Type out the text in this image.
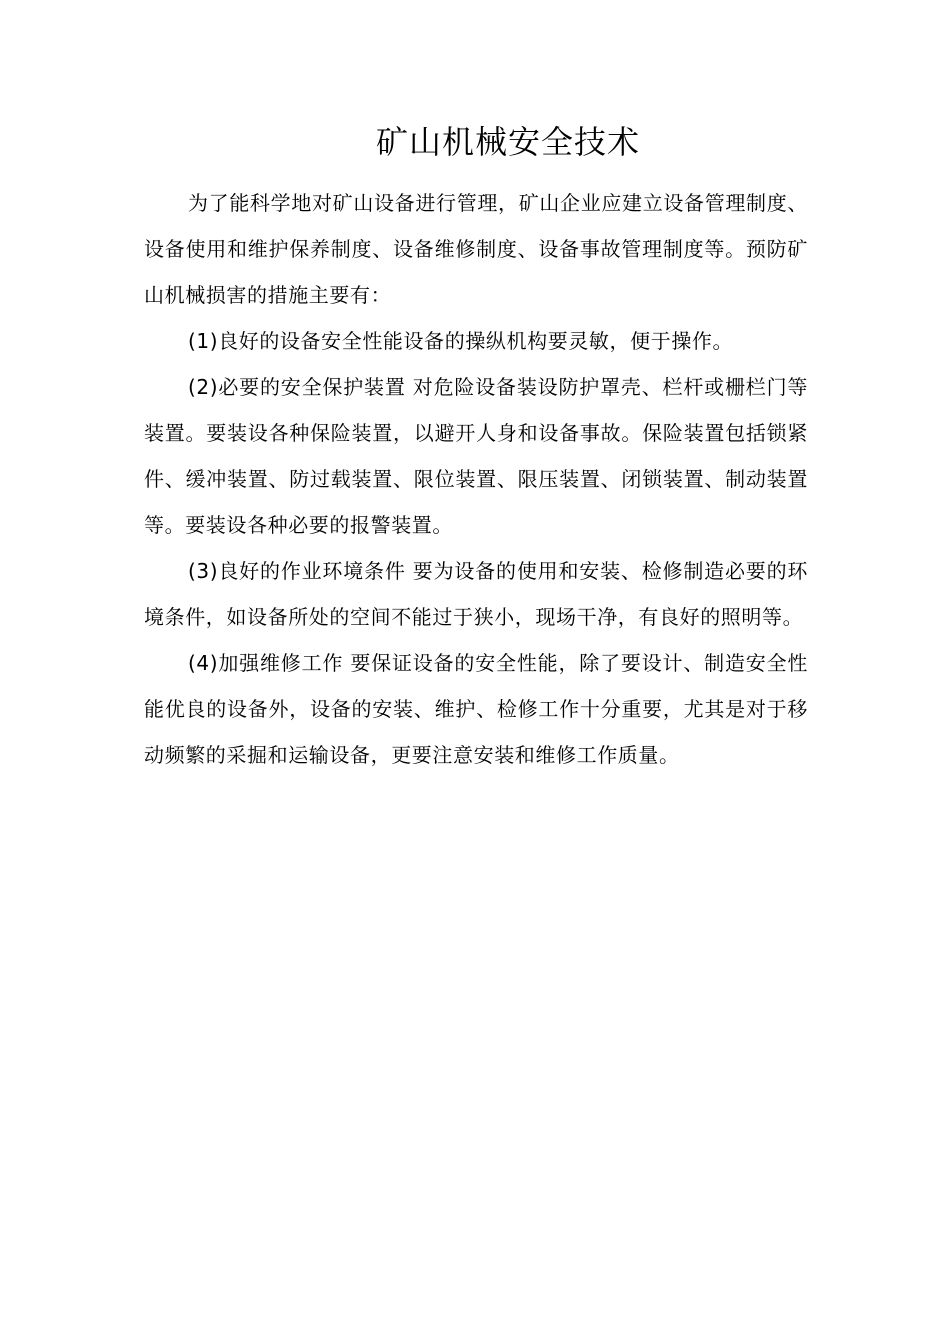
矿山机械安全技术

为了能科学地对矿山设备进行管理，矿山企业应建立设备管理制度、设备使用和维护保养制度、设备维修制度、设备事故管理制度等。预防矿山机械损害的措施主要有：

(1)良好的设备安全性能设备的操纵机构要灵敏，便于操作。

(2)必要的安全保护装置 对危险设备装设防护罩壳、栏杆或栅栏门等装置。要装设各种保险装置，以避开人身和设备事故。保险装置包括锁紧件、缓冲装置、防过载装置、限位装置、限压装置、闭锁装置、制动装置等。要装设各种必要的报警装置。

(3)良好的作业环境条件 要为设备的使用和安装、检修制造必要的环境条件，如设备所处的空间不能过于狭小，现场干净，有良好的照明等。

(4)加强维修工作 要保证设备的安全性能，除了要设计、制造安全性能优良的设备外，设备的安装、维护、检修工作十分重要，尤其是对于移动频繁的采掘和运输设备，更要注意安装和维修工作质量。
